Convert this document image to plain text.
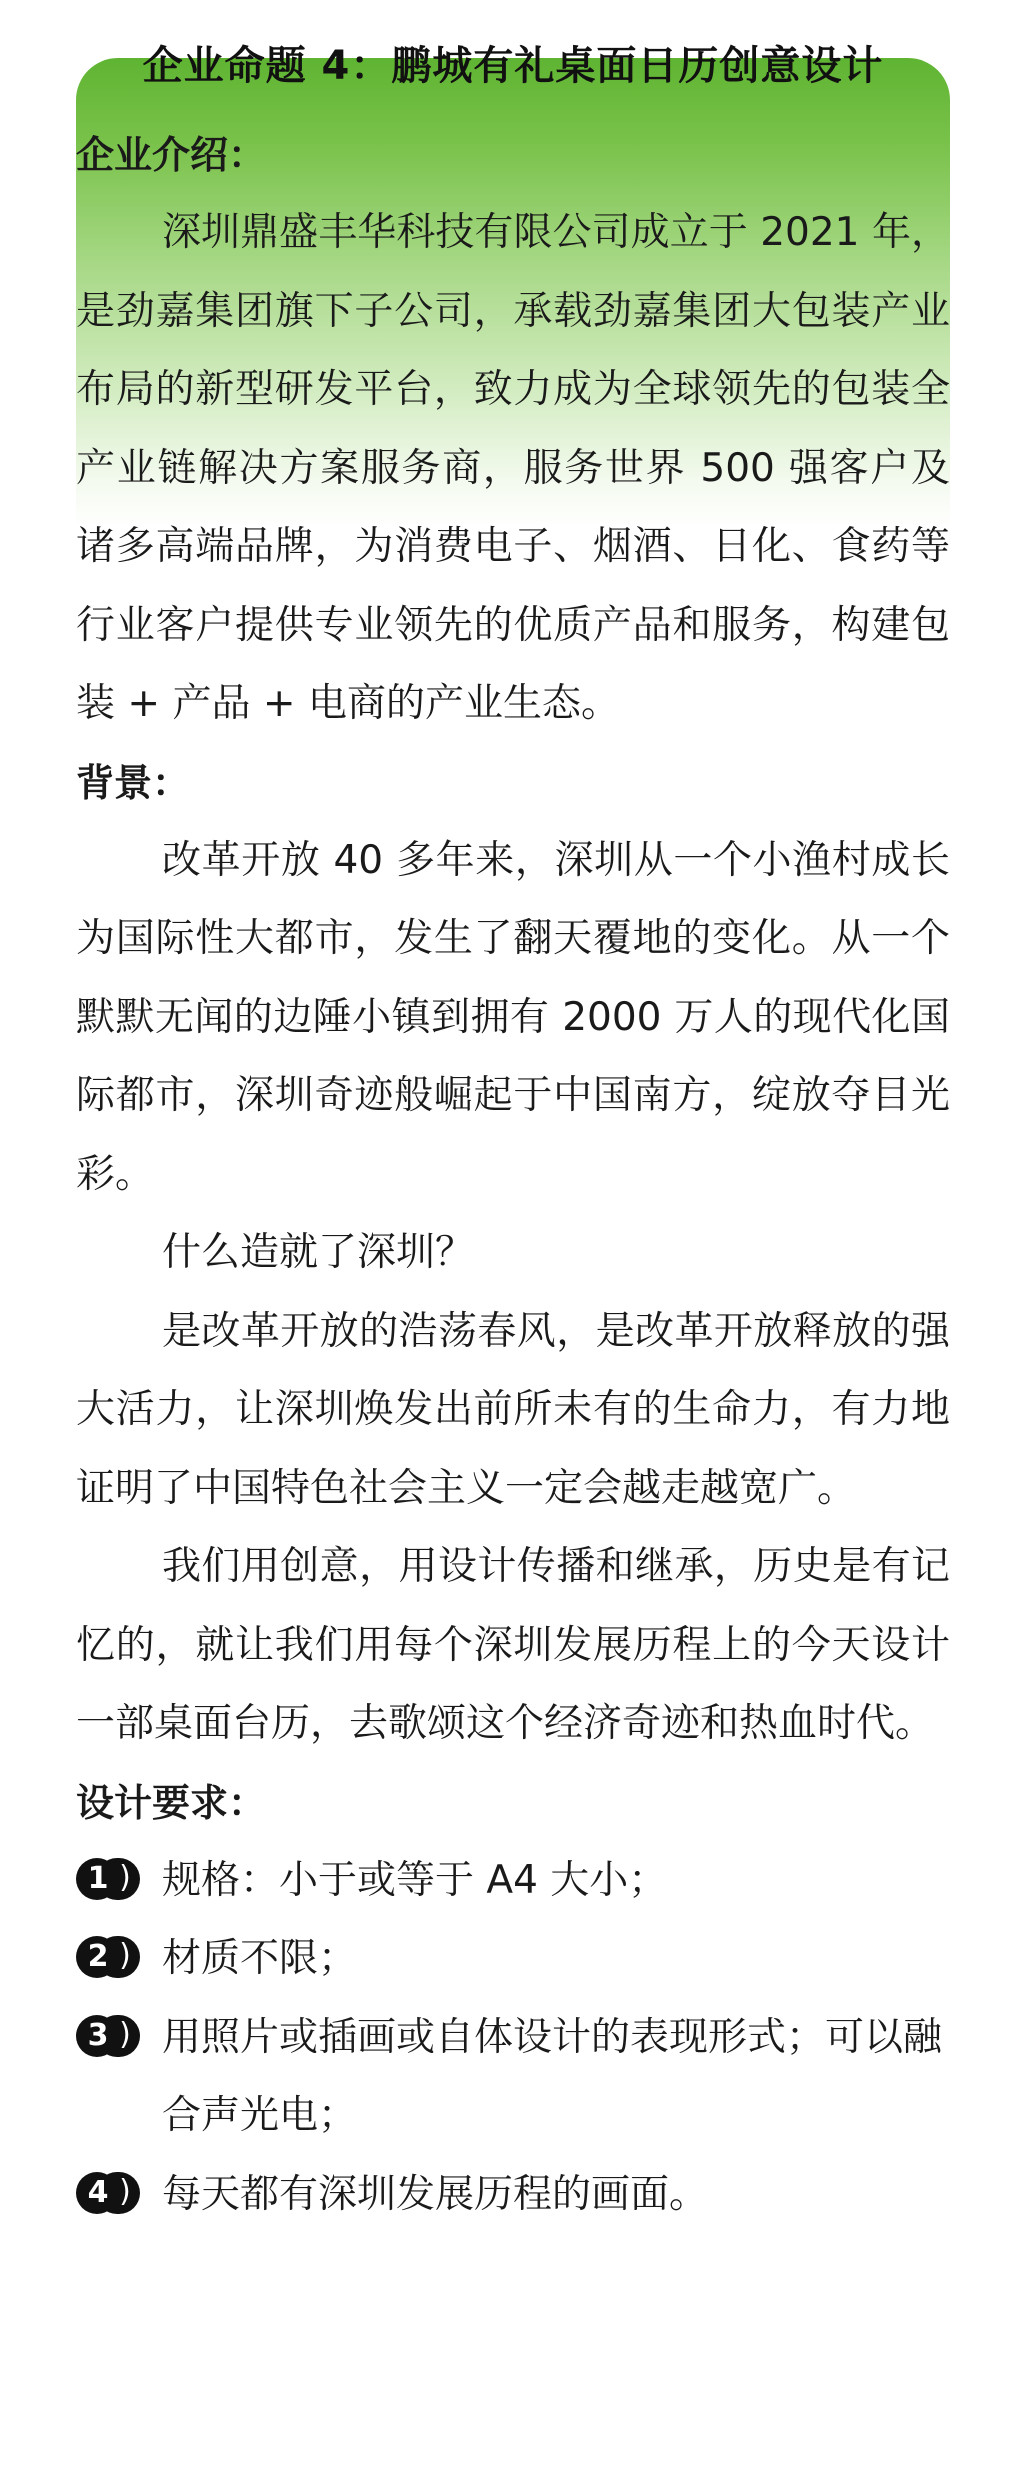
企业命题 4：鹏城有礼桌面日历创意设计
企业介绍：

深圳鼎盛丰华科技有限公司成立于 2021 年，是劲嘉集团旗下子公司，承载劲嘉集团大包装产业布局的新型研发平台，致力成为全球领先的包装全产业链解决方案服务商，服务世界 500 强客户及诸多高端品牌，为消费电子、烟酒、日化、食药等行业客户提供专业领先的优质产品和服务，构建包装 + 产品 + 电商的产业生态。

背景：

改革开放 40 多年来，深圳从一个小渔村成长为国际性大都市，发生了翻天覆地的变化。从一个默默无闻的边陲小镇到拥有 2000 万人的现代化国际都市，深圳奇迹般崛起于中国南方，绽放夺目光彩。

什么造就了深圳？

是改革开放的浩荡春风，是改革开放释放的强大活力，让深圳焕发出前所未有的生命力，有力地证明了中国特色社会主义一定会越走越宽广。

我们用创意，用设计传播和继承，历史是有记忆的，就让我们用每个深圳发展历程上的今天设计一部桌面台历，去歌颂这个经济奇迹和热血时代。

设计要求：

1 ) 规格：小于或等于 A4 大小；

2 ) 材质不限；

3 ) 用照片或插画或自体设计的表现形式；可以融合声光电；

4 ) 每天都有深圳发展历程的画面。
